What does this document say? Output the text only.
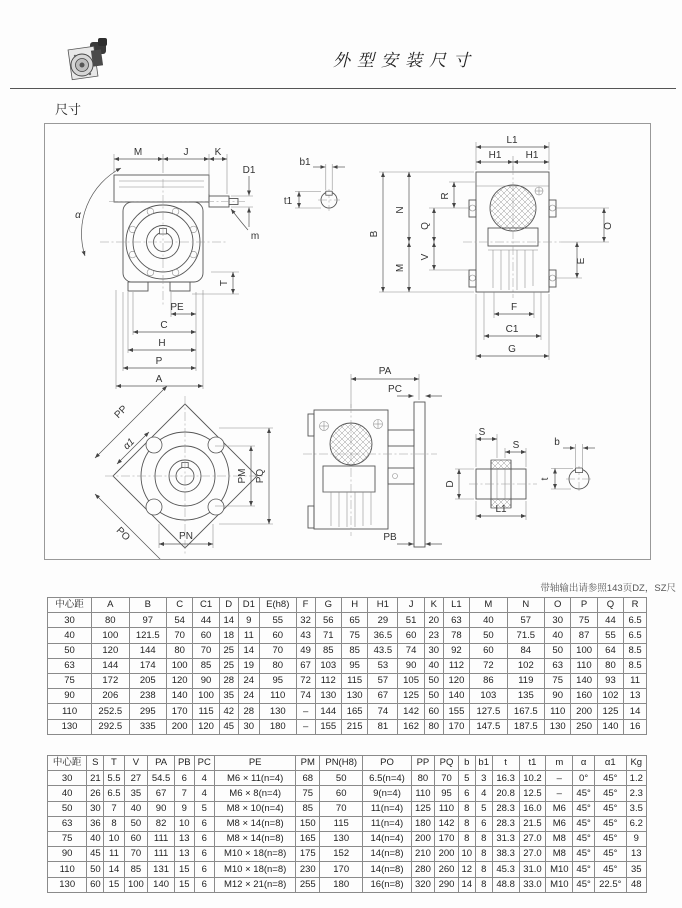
外型安装尺寸
尺寸
M	J	K
D1
α
m
T
PE
C
H
P
A
b1
t1
L1
H1 H1
B
N
M
Q
V
R
O
E
F
C1
G
PP
α1
PO
PM PQ
PN
PA
PC
PB
S
S
D
L1
b
t
带轴输出请参照143页DZ，SZ尺
中心距	A	B	C	C1	D	D1	E(h8)	F	G	H	H1	J	K	L1	M	N	O	P	Q	R
30	80	97	54	44	14	9	55	32	56	65	29	51	20	63	40	57	30	75	44	6.5
40	100	121.5	70	60	18	11	60	43	71	75	36.5	60	23	78	50	71.5	40	87	55	6.5
50	120	144	80	70	25	14	70	49	85	85	43.5	74	30	92	60	84	50	100	64	8.5
63	144	174	100	85	25	19	80	67	103	95	53	90	40	112	72	102	63	110	80	8.5
75	172	205	120	90	28	24	95	72	112	115	57	105	50	120	86	119	75	140	93	11
90	206	238	140	100	35	24	110	74	130	130	67	125	50	140	103	135	90	160	102	13
110	252.5	295	170	115	42	28	130	–	144	165	74	142	60	155	127.5	167.5	110	200	125	14
130	292.5	335	200	120	45	30	180	–	155	215	81	162	80	170	147.5	187.5	130	250	140	16
中心距	S	T	V	PA	PB	PC	PE	PM	PN(H8)	PO	PP	PQ	b	b1	t	t1	m	α	α1	Kg
30	21	5.5	27	54.5	6	4	M6 × 11(n=4)	68	50	6.5(n=4)	80	70	5	3	16.3	10.2	–	0°	45°	1.2
40	26	6.5	35	67	7	4	M6 × 8(n=4)	75	60	9(n=4)	110	95	6	4	20.8	12.5	–	45°	45°	2.3
50	30	7	40	90	9	5	M8 × 10(n=4)	85	70	11(n=4)	125	110	8	5	28.3	16.0	M6	45°	45°	3.5
63	36	8	50	82	10	6	M8 × 14(n=8)	150	115	11(n=4)	180	142	8	6	28.3	21.5	M6	45°	45°	6.2
75	40	10	60	111	13	6	M8 × 14(n=8)	165	130	14(n=4)	200	170	8	8	31.3	27.0	M8	45°	45°	9
90	45	11	70	111	13	6	M10 × 18(n=8)	175	152	14(n=8)	210	200	10	8	38.3	27.0	M8	45°	45°	13
110	50	14	85	131	15	6	M10 × 18(n=8)	230	170	14(n=8)	280	260	12	8	45.3	31.0	M10	45°	45°	35
130	60	15	100	140	15	6	M12 × 21(n=8)	255	180	16(n=8)	320	290	14	8	48.8	33.0	M10	45°	22.5°	48
